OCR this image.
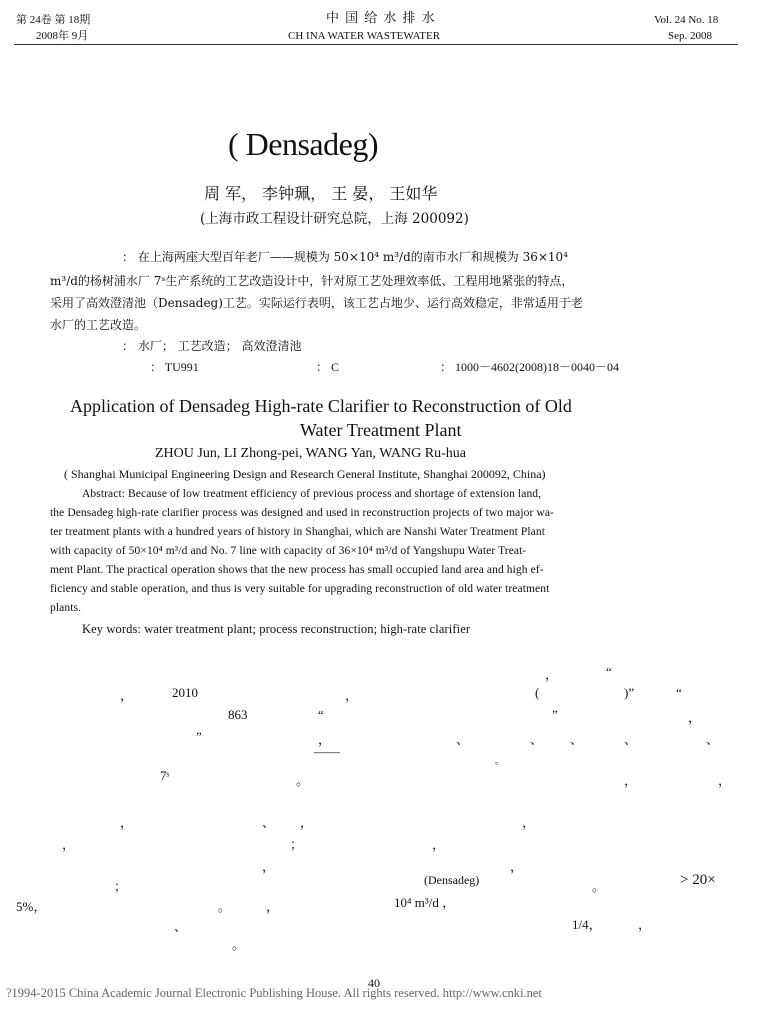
第 24卷 第 18期
2008年 9月
中 国 给 水 排 水
CH INA WATER WASTEWATER
Vol. 24 No. 18
Sep. 2008
( Densadeg)
周 军， 李钟珮， 王 晏， 王如华
(上海市政工程设计研究总院，上海 200092)
： 在上海两座大型百年老厂——规模为 50×10⁴ m³/d的南市水厂和规模为 36×10⁴
m³/d的杨树浦水厂 7ˢ生产系统的工艺改造设计中，针对原工艺处理效率低、工程用地紧张的特点，
采用了高效澄清池（Densadeg)工艺。实际运行表明，该工艺占地少、运行高效稳定，非常适用于老
水厂的工艺改造。
： 水厂； 工艺改造； 高效澄清池
： TU991	： C	： 1000－4602(2008)18－0040－04
Application of Densadeg High-rate Clarifier to Reconstruction of Old
Water Treatment Plant
ZHOU Jun, LI Zhong-pei, WANG Yan, WANG Ru-hua
( Shanghai Municipal Engineering Design and Research General Institute, Shanghai 200092, China)
Abstract: Because of low treatment efficiency of previous process and shortage of extension land,
the Densadeg high-rate clarifier process was designed and used in reconstruction projects of two major wa-
ter treatment plants with a hundred years of history in Shanghai, which are Nanshi Water Treatment Plant
with capacity of 50×10⁴ m³/d and No. 7 line with capacity of 36×10⁴ m³/d of Yangshupu Water Treat-
ment Plant. The practical operation shows that the new process has small occupied land area and high ef-
ficiency and stable operation, and thus is very suitable for upgrading reconstruction of old water treatment
plants.
Key words: water treatment plant; process reconstruction; high-rate clarifier
，	“
，	2010	，	(	)”	“
863	“	”	，
”	，	、	、 、	、	、
——
。
7ˢ	。	，	，
，	、 ，	，
，	；	，
，	，
；	(Densadeg)	。	> 20×
5%，	。	，	10⁴ m³/d ，
、	1/4，	，
。
40
?1994-2015 China Academic Journal Electronic Publishing House. All rights reserved. http://www.cnki.net
